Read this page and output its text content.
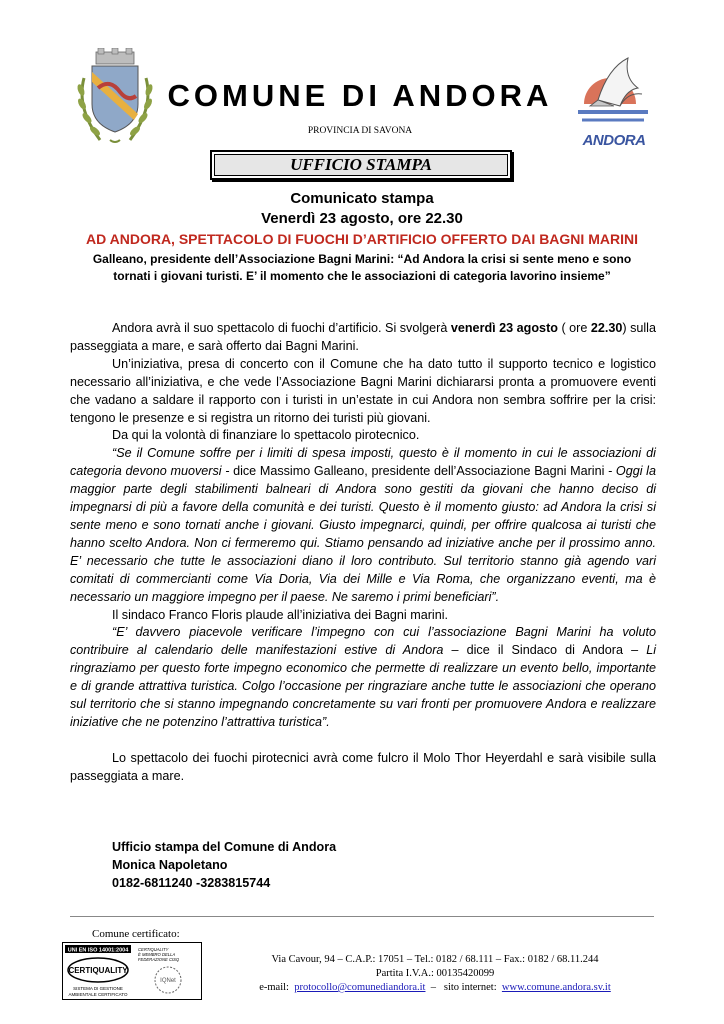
COMUNE DI ANDORA
PROVINCIA DI SAVONA
ANDORA
UFFICIO STAMPA
Comunicato stampa
Venerdì 23 agosto, ore 22.30
AD ANDORA, SPETTACOLO DI FUOCHI D’ARTIFICIO OFFERTO DAI BAGNI MARINI
Galleano, presidente dell’Associazione Bagni Marini: “Ad Andora la crisi si sente meno e sono
tornati i giovani turisti. E’ il momento che le associazioni di categoria lavorino insieme”

Andora avrà il suo spettacolo di fuochi d’artificio. Si svolgerà venerdì 23 agosto ( ore 22.30) sulla passeggiata a mare, e sarà offerto dai Bagni Marini.

Un’iniziativa, presa di concerto con il Comune che ha dato tutto il supporto tecnico e logistico necessario all’iniziativa, e che vede l’Associazione Bagni Marini dichiararsi pronta a promuovere eventi che vadano a saldare il rapporto con i turisti in un’estate in cui Andora non sembra soffrire per la crisi: tengono le presenze e si registra un ritorno dei turisti più giovani.

Da qui la volontà di finanziare lo spettacolo pirotecnico.

“Se il Comune soffre per i limiti di spesa imposti, questo è il momento in cui le associazioni di categoria devono muoversi - dice Massimo Galleano, presidente dell’Associazione Bagni Marini - Oggi la maggior parte degli stabilimenti balneari di Andora sono gestiti da giovani che hanno deciso di impegnarsi di più a favore della comunità e dei turisti. Questo è il momento giusto: ad Andora la crisi si sente meno e sono tornati anche i giovani. Giusto impegnarci, quindi, per offrire qualcosa ai turisti che hanno scelto Andora. Non ci fermeremo qui. Stiamo pensando ad iniziative anche per il prossimo anno. E’ necessario che tutte le associazioni diano il loro contributo. Sul territorio stanno già agendo vari comitati di commercianti come Via Doria, Via dei Mille e Via Roma, che organizzano eventi, ma è necessario un maggiore impegno per il paese. Ne saremo i primi beneficiari”.

Il sindaco Franco Floris plaude all’iniziativa dei Bagni marini.

“E’ davvero piacevole verificare l’impegno con cui l’associazione Bagni Marini ha voluto contribuire al calendario delle manifestazioni estive di Andora – dice il Sindaco di Andora – Li ringraziamo per questo forte impegno economico che permette di realizzare un evento bello, importante e di grande attrattiva turistica. Colgo l’occasione per ringraziare anche tutte le associazioni che operano sul territorio che si stanno impegnando concretamente su vari fronti per promuovere Andora e realizzare iniziative che ne potenzino l’attrattiva turistica”.

Lo spettacolo dei fuochi pirotecnici avrà come fulcro il Molo Thor Heyerdahl e sarà visibile sulla passeggiata a mare.

Ufficio stampa del Comune di Andora
Monica Napoletano
0182-6811240 -3283815744
Comune certificato:
UNI EN ISO 14001:2004
CERTIQUALITY
SISTEMA DI GESTIONE
AMBIENTALE CERTIFICATO
CERTIQUALITY
È MEMBRO DELLA
FEDERAZIONE CISQ
IQNet
Via Cavour, 94 – C.A.P.: 17051 – Tel.: 0182 / 68.111 – Fax.: 0182 / 68.11.244
Partita I.V.A.: 00135420099
e-mail: protocollo@comunediandora.it  –   sito internet:  www.comune.andora.sv.it
